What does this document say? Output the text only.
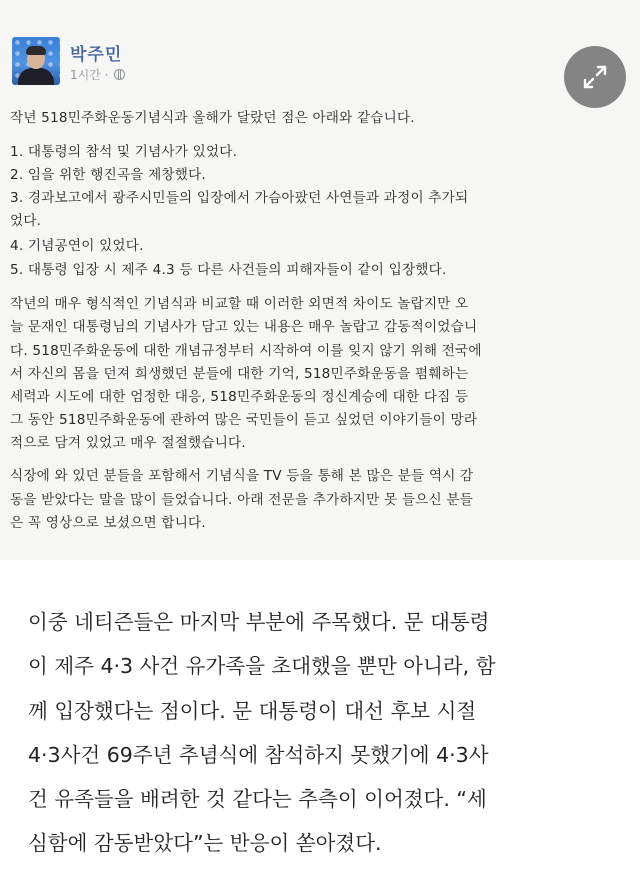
박주민
1시간 ·
작년 518민주화운동기념식과 올해가 달랐던 점은 아래와 같습니다.
1. 대통령의 참석 및 기념사가 있었다.
2. 임을 위한 행진곡을 제창했다.
3. 경과보고에서 광주시민들의 입장에서 가슴아팠던 사연들과 과정이 추가되
었다.
4. 기념공연이 있었다.
5. 대통령 입장 시 제주 4.3 등 다른 사건들의 피해자들이 같이 입장했다.
작년의 매우 형식적인 기념식과 비교할 때 이러한 외면적 차이도 놀랍지만 오
늘 문재인 대통령님의 기념사가 담고 있는 내용은 매우 놀랍고 감동적이었습니
다. 518민주화운동에 대한 개념규정부터 시작하여 이를 잊지 않기 위해 전국에
서 자신의 몸을 던져 희생했던 분들에 대한 기억, 518민주화운동을 폄훼하는
세력과 시도에 대한 엄정한 대응, 518민주화운동의 정신계승에 대한 다짐 등
그 동안 518민주화운동에 관하여 많은 국민들이 듣고 싶었던 이야기들이 망라
적으로 담겨 있었고 매우 절절했습니다.
식장에 와 있던 분들을 포함해서 기념식을 TV 등을 통해 본 많은 분들 역시 감
동을 받았다는 말을 많이 들었습니다. 아래 전문을 추가하지만 못 들으신 분들
은 꼭 영상으로 보셨으면 합니다.
이중 네티즌들은 마지막 부분에 주목했다. 문 대통령
이 제주 4·3 사건 유가족을 초대했을 뿐만 아니라, 함
께 입장했다는 점이다. 문 대통령이 대선 후보 시절
4·3사건 69주년 추념식에 참석하지 못했기에 4·3사
건 유족들을 배려한 것 같다는 추측이 이어졌다. “세
심함에 감동받았다”는 반응이 쏟아졌다.
